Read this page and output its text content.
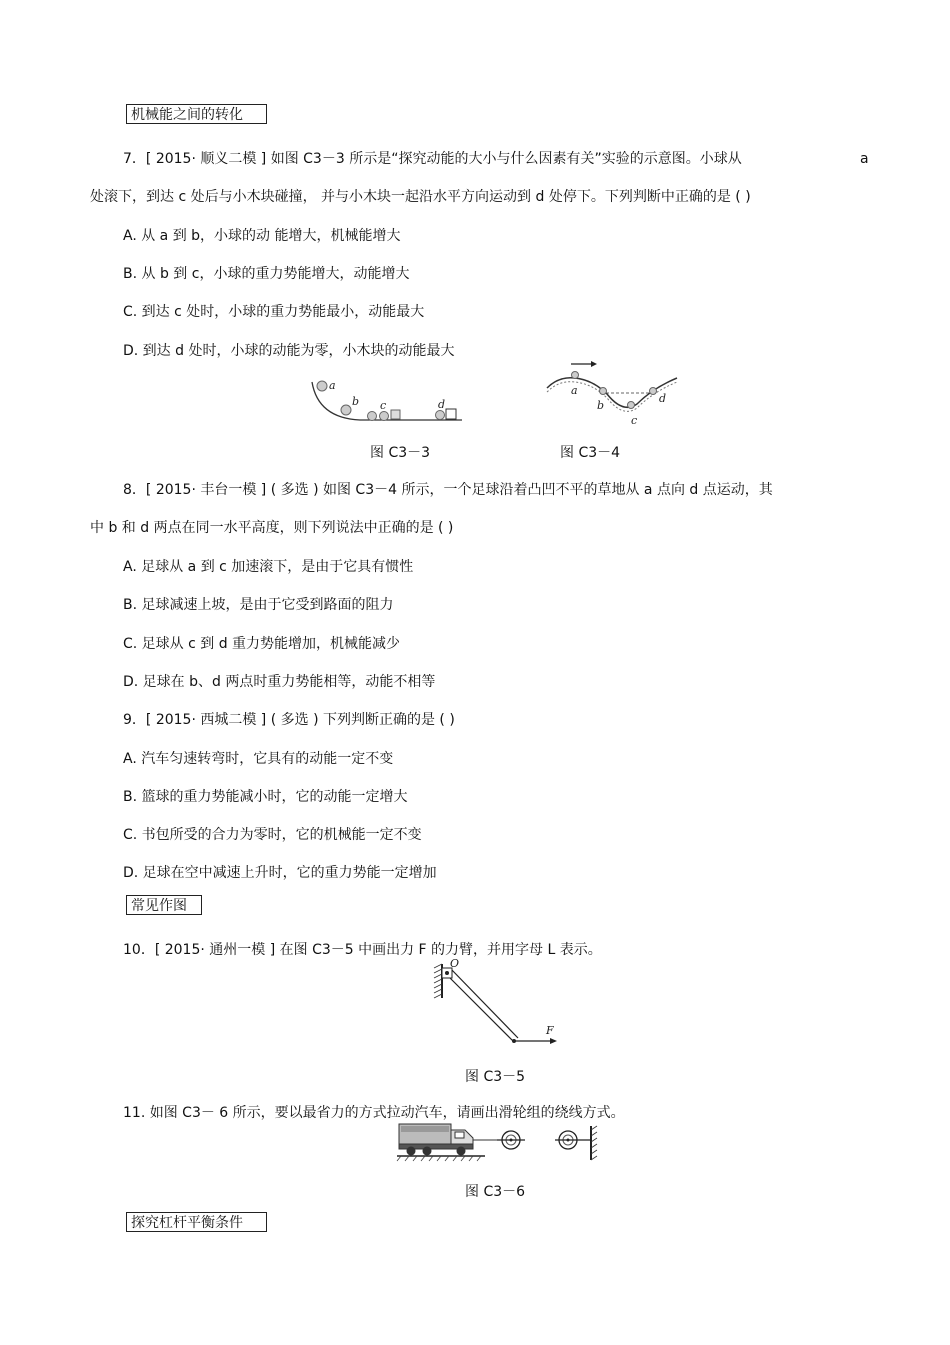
机械能之间的转化
7．[ 2015· 顺义二模 ] 如图 C3－3 所示是“探究动能的大小与什么因素有关”实验的示意图。小球从	a
处滚下，到达 c 处后与小木块碰撞， 并与小木块一起沿水平方向运动到 d 处停下。下列判断中正确的是 ( )
A. 从 a 到 b，小球的动 能增大，机械能增大
B. 从 b 到 c，小球的重力势能增大，动能增大
C. 到达 c 处时，小球的重力势能最小，动能最大
D. 到达 d 处时，小球的动能为零，小木块的动能最大
a
b c	d
a
b
c
d
图 C3－3	图 C3－4
8．[ 2015· 丰台一模 ] ( 多选 ) 如图 C3－4 所示，一个足球沿着凸凹不平的草地从 a 点向 d 点运动，其
中 b 和 d 两点在同一水平高度，则下列说法中正确的是 ( )
A. 足球从 a 到 c 加速滚下，是由于它具有惯性
B. 足球减速上坡，是由于它受到路面的阻力
C. 足球从 c 到 d 重力势能增加，机械能减少
D. 足球在 b、d 两点时重力势能相等，动能不相等
9．[ 2015· 西城二模 ] ( 多选 ) 下列判断正确的是 ( )
A. 汽车匀速转弯时，它具有的动能一定不变
B. 篮球的重力势能减小时，它的动能一定增大
C. 书包所受的合力为零时，它的机械能一定不变
D. 足球在空中减速上升时，它的重力势能一定增加
常见作图
10．[ 2015· 通州一模 ] 在图 C3－5 中画出力 F 的力臂，并用字母 L 表示。
O
F
图 C3－5
11. 如图 C3－ 6 所示，要以最省力的方式拉动汽车，请画出滑轮组的绕线方式。
图 C3－6
探究杠杆平衡条件
